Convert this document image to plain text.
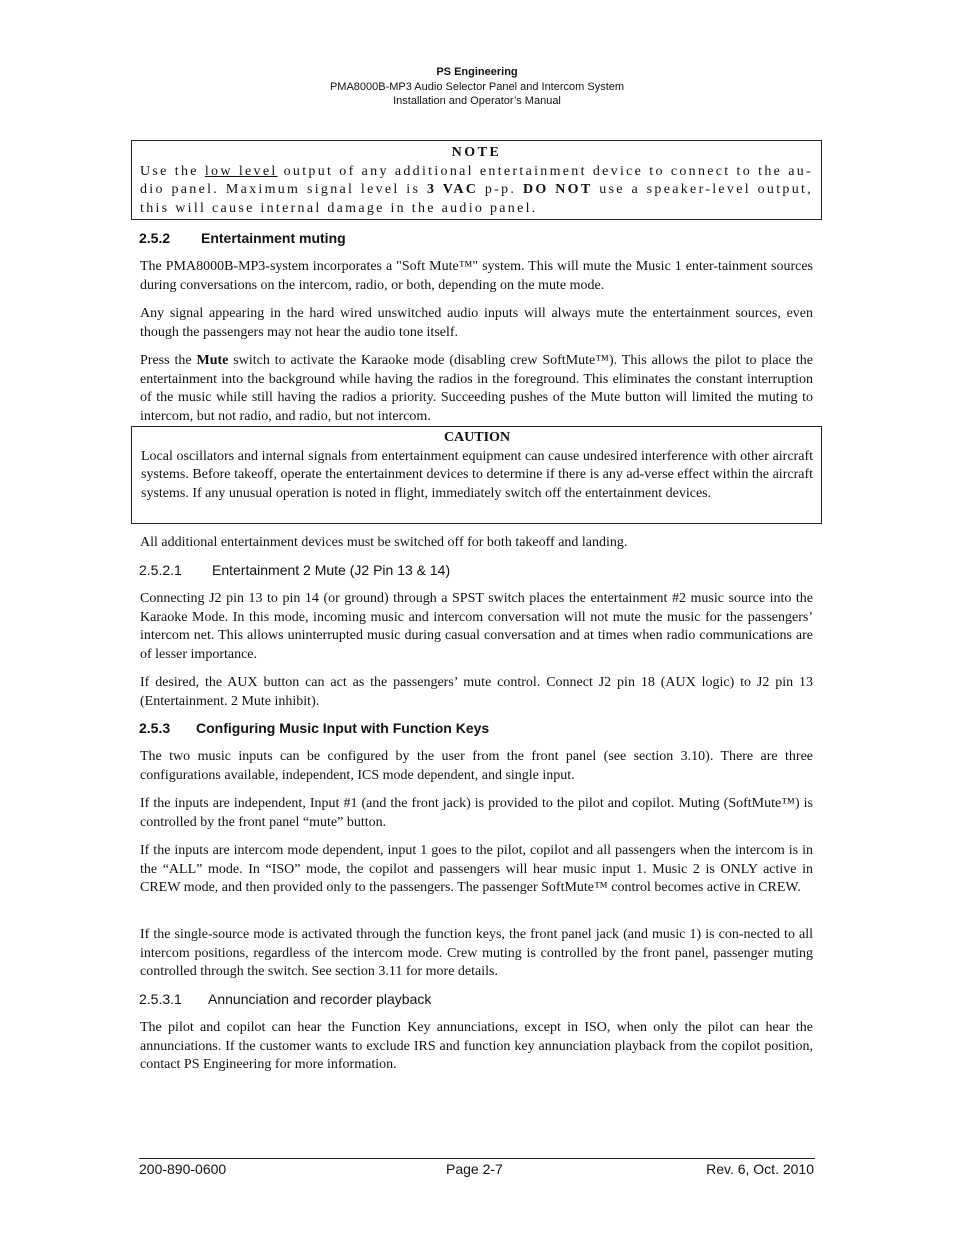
PS Engineering
PMA8000B-MP3 Audio Selector Panel and Intercom System
Installation and Operator’s Manual
NOTE
Use the low level output of any additional entertainment device to connect to the au-dio panel. Maximum signal level is 3 VAC p-p. DO NOT use a speaker-level output, this will cause internal damage in the audio panel.
2.5.2 Entertainment muting

The PMA8000B-MP3-system incorporates a "Soft Mute™" system. This will mute the Music 1 enter-tainment sources during conversations on the intercom, radio, or both, depending on the mute mode.

Any signal appearing in the hard wired unswitched audio inputs will always mute the entertainment sources, even though the passengers may not hear the audio tone itself.

Press the Mute switch to activate the Karaoke mode (disabling crew SoftMute™). This allows the pilot to place the entertainment into the background while having the radios in the foreground. This eliminates the constant interruption of the music while still having the radios a priority. Succeeding pushes of the Mute button will limited the muting to intercom, but not radio, and radio, but not intercom.

CAUTION
Local oscillators and internal signals from entertainment equipment can cause undesired interference with other aircraft systems. Before takeoff, operate the entertainment devices to determine if there is any ad-verse effect within the aircraft systems. If any unusual operation is noted in flight, immediately switch off the entertainment devices.

All additional entertainment devices must be switched off for both takeoff and landing.

2.5.2.1 Entertainment 2 Mute (J2 Pin 13 & 14)

Connecting J2 pin 13 to pin 14 (or ground) through a SPST switch places the entertainment #2 music source into the Karaoke Mode. In this mode, incoming music and intercom conversation will not mute the music for the passengers’ intercom net. This allows uninterrupted music during casual conversation and at times when radio communications are of lesser importance.

If desired, the AUX button can act as the passengers’ mute control. Connect J2 pin 18 (AUX logic) to J2 pin 13 (Entertainment. 2 Mute inhibit).

2.5.3 Configuring Music Input with Function Keys

The two music inputs can be configured by the user from the front panel (see section 3.10). There are three configurations available, independent, ICS mode dependent, and single input.

If the inputs are independent, Input #1 (and the front jack) is provided to the pilot and copilot. Muting (SoftMute™) is controlled by the front panel “mute” button.

If the inputs are intercom mode dependent, input 1 goes to the pilot, copilot and all passengers when the intercom is in the “ALL” mode. In “ISO” mode, the copilot and passengers will hear music input 1. Music 2 is ONLY active in CREW mode, and then provided only to the passengers. The passenger SoftMute™ control becomes active in CREW.

If the single-source mode is activated through the function keys, the front panel jack (and music 1) is con-nected to all intercom positions, regardless of the intercom mode. Crew muting is controlled by the front panel, passenger muting controlled through the switch. See section 3.11 for more details.

2.5.3.1 Annunciation and recorder playback

The pilot and copilot can hear the Function Key annunciations, except in ISO, when only the pilot can hear the annunciations. If the customer wants to exclude IRS and function key annunciation playback from the copilot position, contact PS Engineering for more information.

200-890-0600	Page 2-7	Rev. 6, Oct. 2010
